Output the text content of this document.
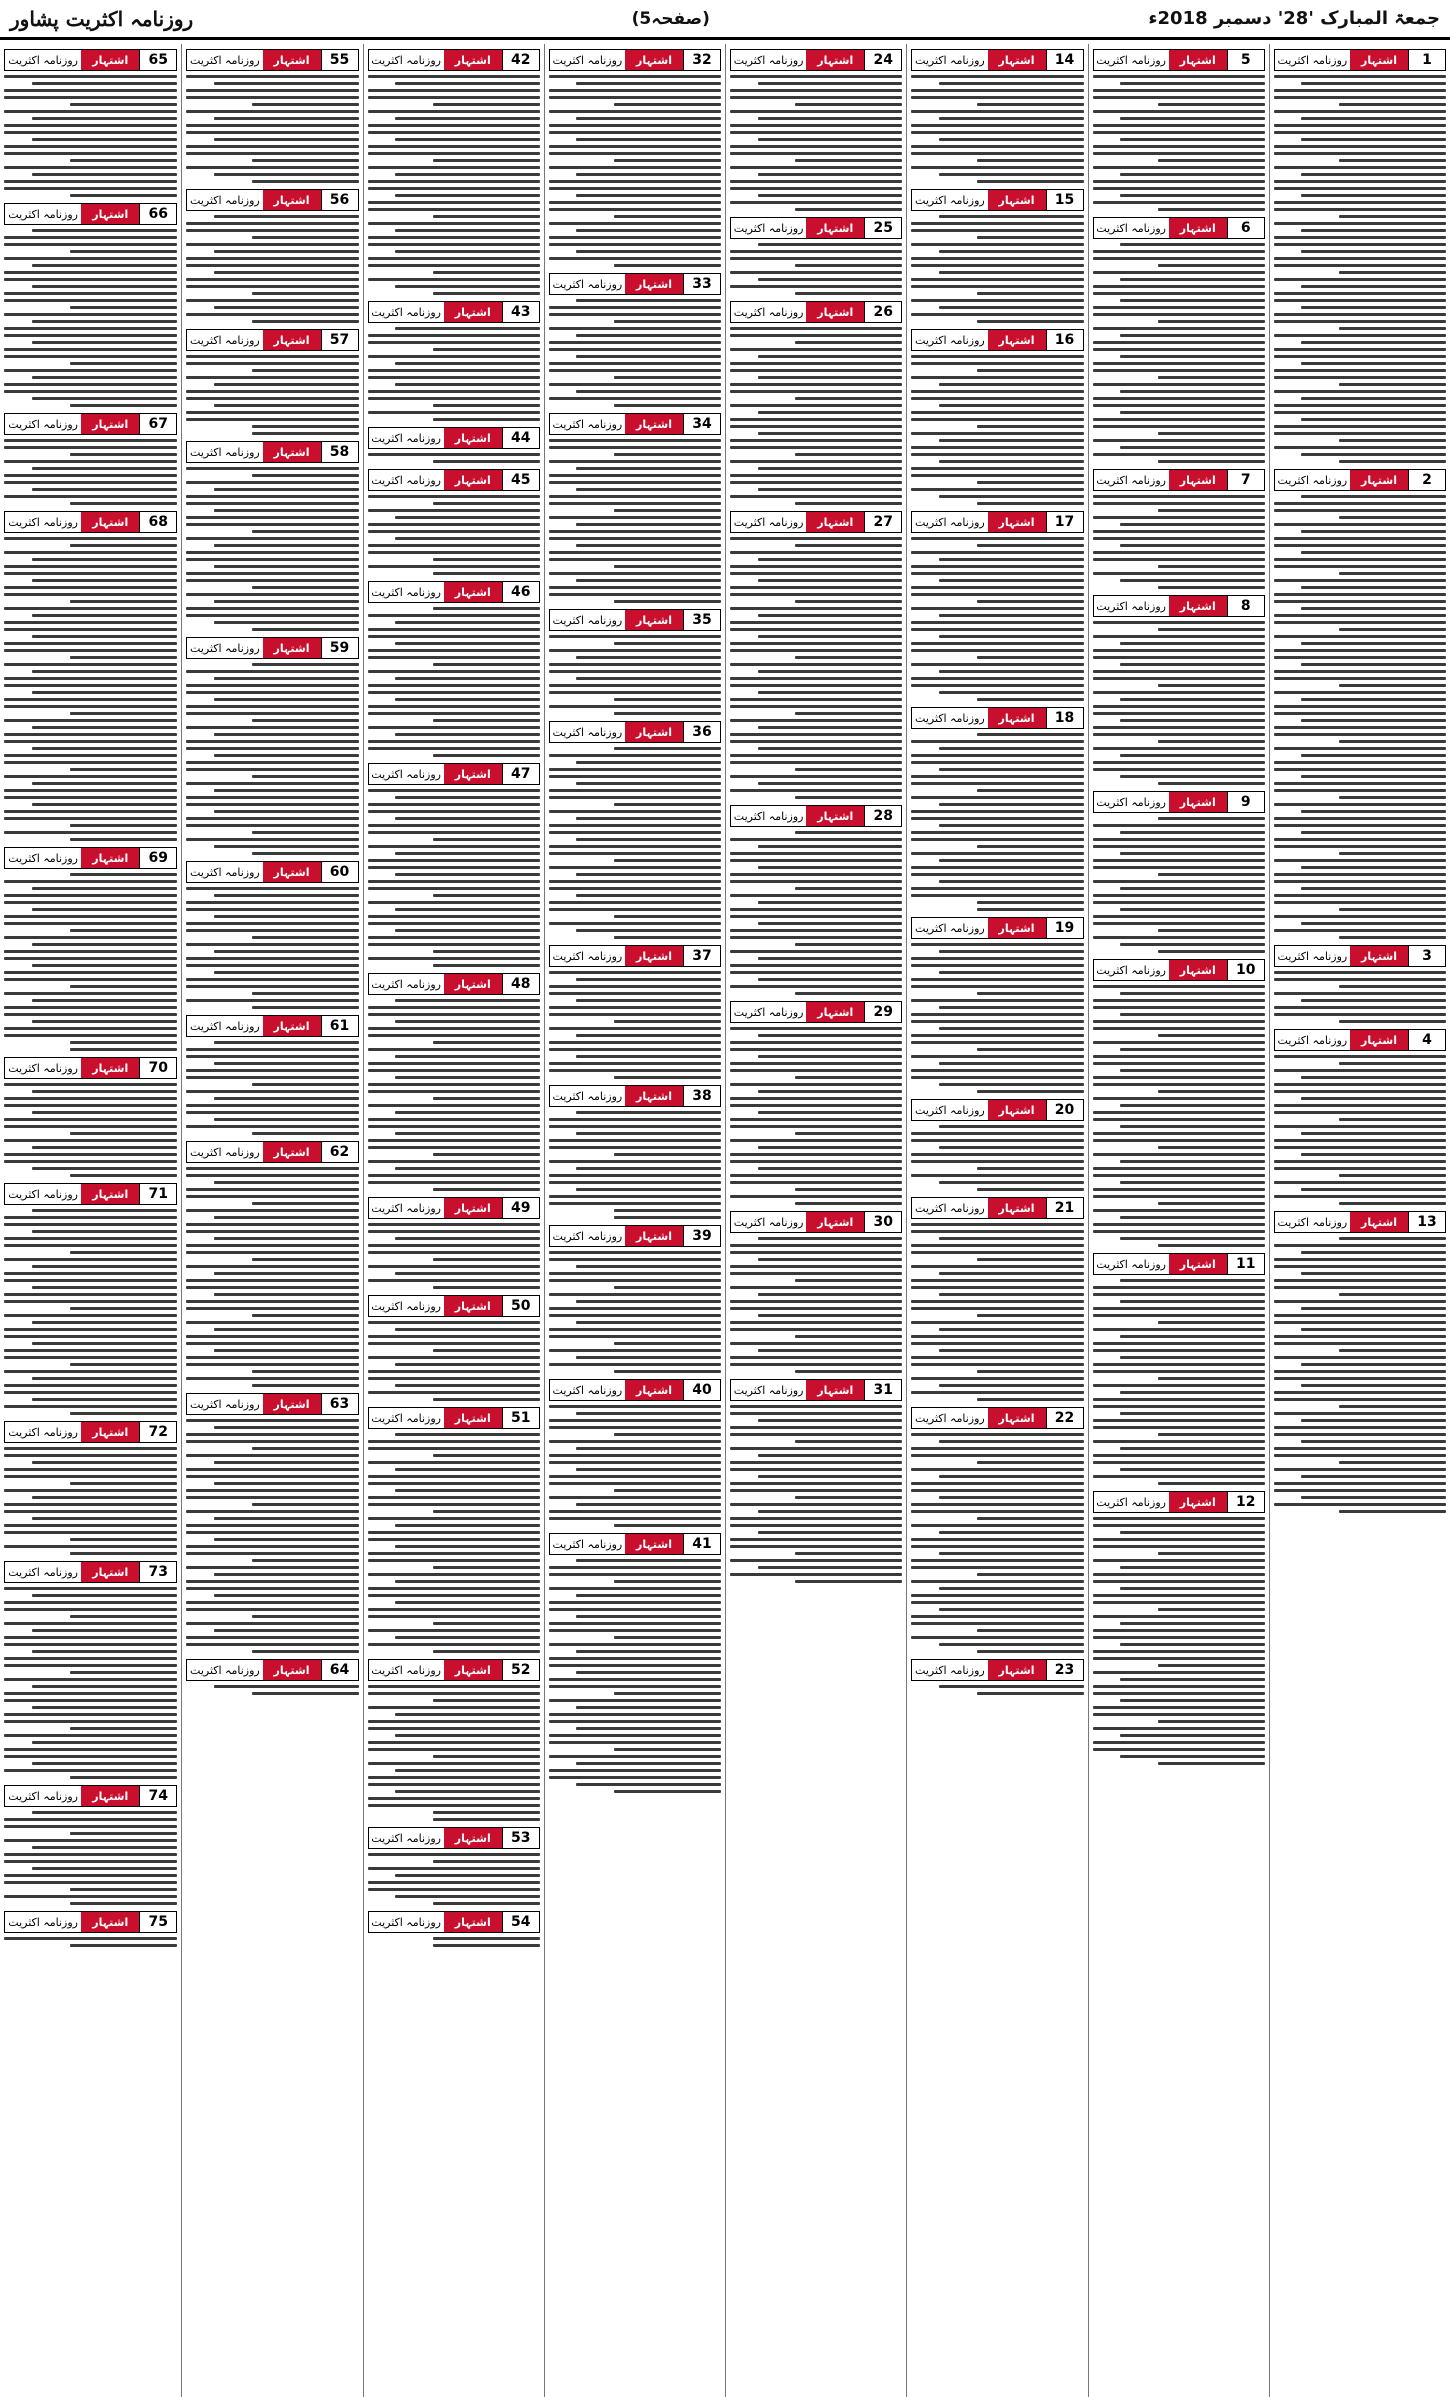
جمعۃ المبارک '28' دسمبر 2018ء
(صفحہ5)
روزنامہ اکثریت پشاور
1
اشتہار
روزنامہ اکثریت
2
اشتہار
روزنامہ اکثریت
3
اشتہار
روزنامہ اکثریت
4
اشتہار
روزنامہ اکثریت
13
اشتہار
روزنامہ اکثریت
5
اشتہار
روزنامہ اکثریت
6
اشتہار
روزنامہ اکثریت
7
اشتہار
روزنامہ اکثریت
8
اشتہار
روزنامہ اکثریت
9
اشتہار
روزنامہ اکثریت
10
اشتہار
روزنامہ اکثریت
11
اشتہار
روزنامہ اکثریت
12
اشتہار
روزنامہ اکثریت
14
اشتہار
روزنامہ اکثریت
15
اشتہار
روزنامہ اکثریت
16
اشتہار
روزنامہ اکثریت
17
اشتہار
روزنامہ اکثریت
18
اشتہار
روزنامہ اکثریت
19
اشتہار
روزنامہ اکثریت
20
اشتہار
روزنامہ اکثریت
21
اشتہار
روزنامہ اکثریت
22
اشتہار
روزنامہ اکثریت
23
اشتہار
روزنامہ اکثریت
24
اشتہار
روزنامہ اکثریت
25
اشتہار
روزنامہ اکثریت
26
اشتہار
روزنامہ اکثریت
27
اشتہار
روزنامہ اکثریت
28
اشتہار
روزنامہ اکثریت
29
اشتہار
روزنامہ اکثریت
30
اشتہار
روزنامہ اکثریت
31
اشتہار
روزنامہ اکثریت
32
اشتہار
روزنامہ اکثریت
33
اشتہار
روزنامہ اکثریت
34
اشتہار
روزنامہ اکثریت
35
اشتہار
روزنامہ اکثریت
36
اشتہار
روزنامہ اکثریت
37
اشتہار
روزنامہ اکثریت
38
اشتہار
روزنامہ اکثریت
39
اشتہار
روزنامہ اکثریت
40
اشتہار
روزنامہ اکثریت
41
اشتہار
روزنامہ اکثریت
42
اشتہار
روزنامہ اکثریت
43
اشتہار
روزنامہ اکثریت
44
اشتہار
روزنامہ اکثریت
45
اشتہار
روزنامہ اکثریت
46
اشتہار
روزنامہ اکثریت
47
اشتہار
روزنامہ اکثریت
48
اشتہار
روزنامہ اکثریت
49
اشتہار
روزنامہ اکثریت
50
اشتہار
روزنامہ اکثریت
51
اشتہار
روزنامہ اکثریت
52
اشتہار
روزنامہ اکثریت
53
اشتہار
روزنامہ اکثریت
54
اشتہار
روزنامہ اکثریت
55
اشتہار
روزنامہ اکثریت
56
اشتہار
روزنامہ اکثریت
57
اشتہار
روزنامہ اکثریت
58
اشتہار
روزنامہ اکثریت
59
اشتہار
روزنامہ اکثریت
60
اشتہار
روزنامہ اکثریت
61
اشتہار
روزنامہ اکثریت
62
اشتہار
روزنامہ اکثریت
63
اشتہار
روزنامہ اکثریت
64
اشتہار
روزنامہ اکثریت
65
اشتہار
روزنامہ اکثریت
66
اشتہار
روزنامہ اکثریت
67
اشتہار
روزنامہ اکثریت
68
اشتہار
روزنامہ اکثریت
69
اشتہار
روزنامہ اکثریت
70
اشتہار
روزنامہ اکثریت
71
اشتہار
روزنامہ اکثریت
72
اشتہار
روزنامہ اکثریت
73
اشتہار
روزنامہ اکثریت
74
اشتہار
روزنامہ اکثریت
75
اشتہار
روزنامہ اکثریت
